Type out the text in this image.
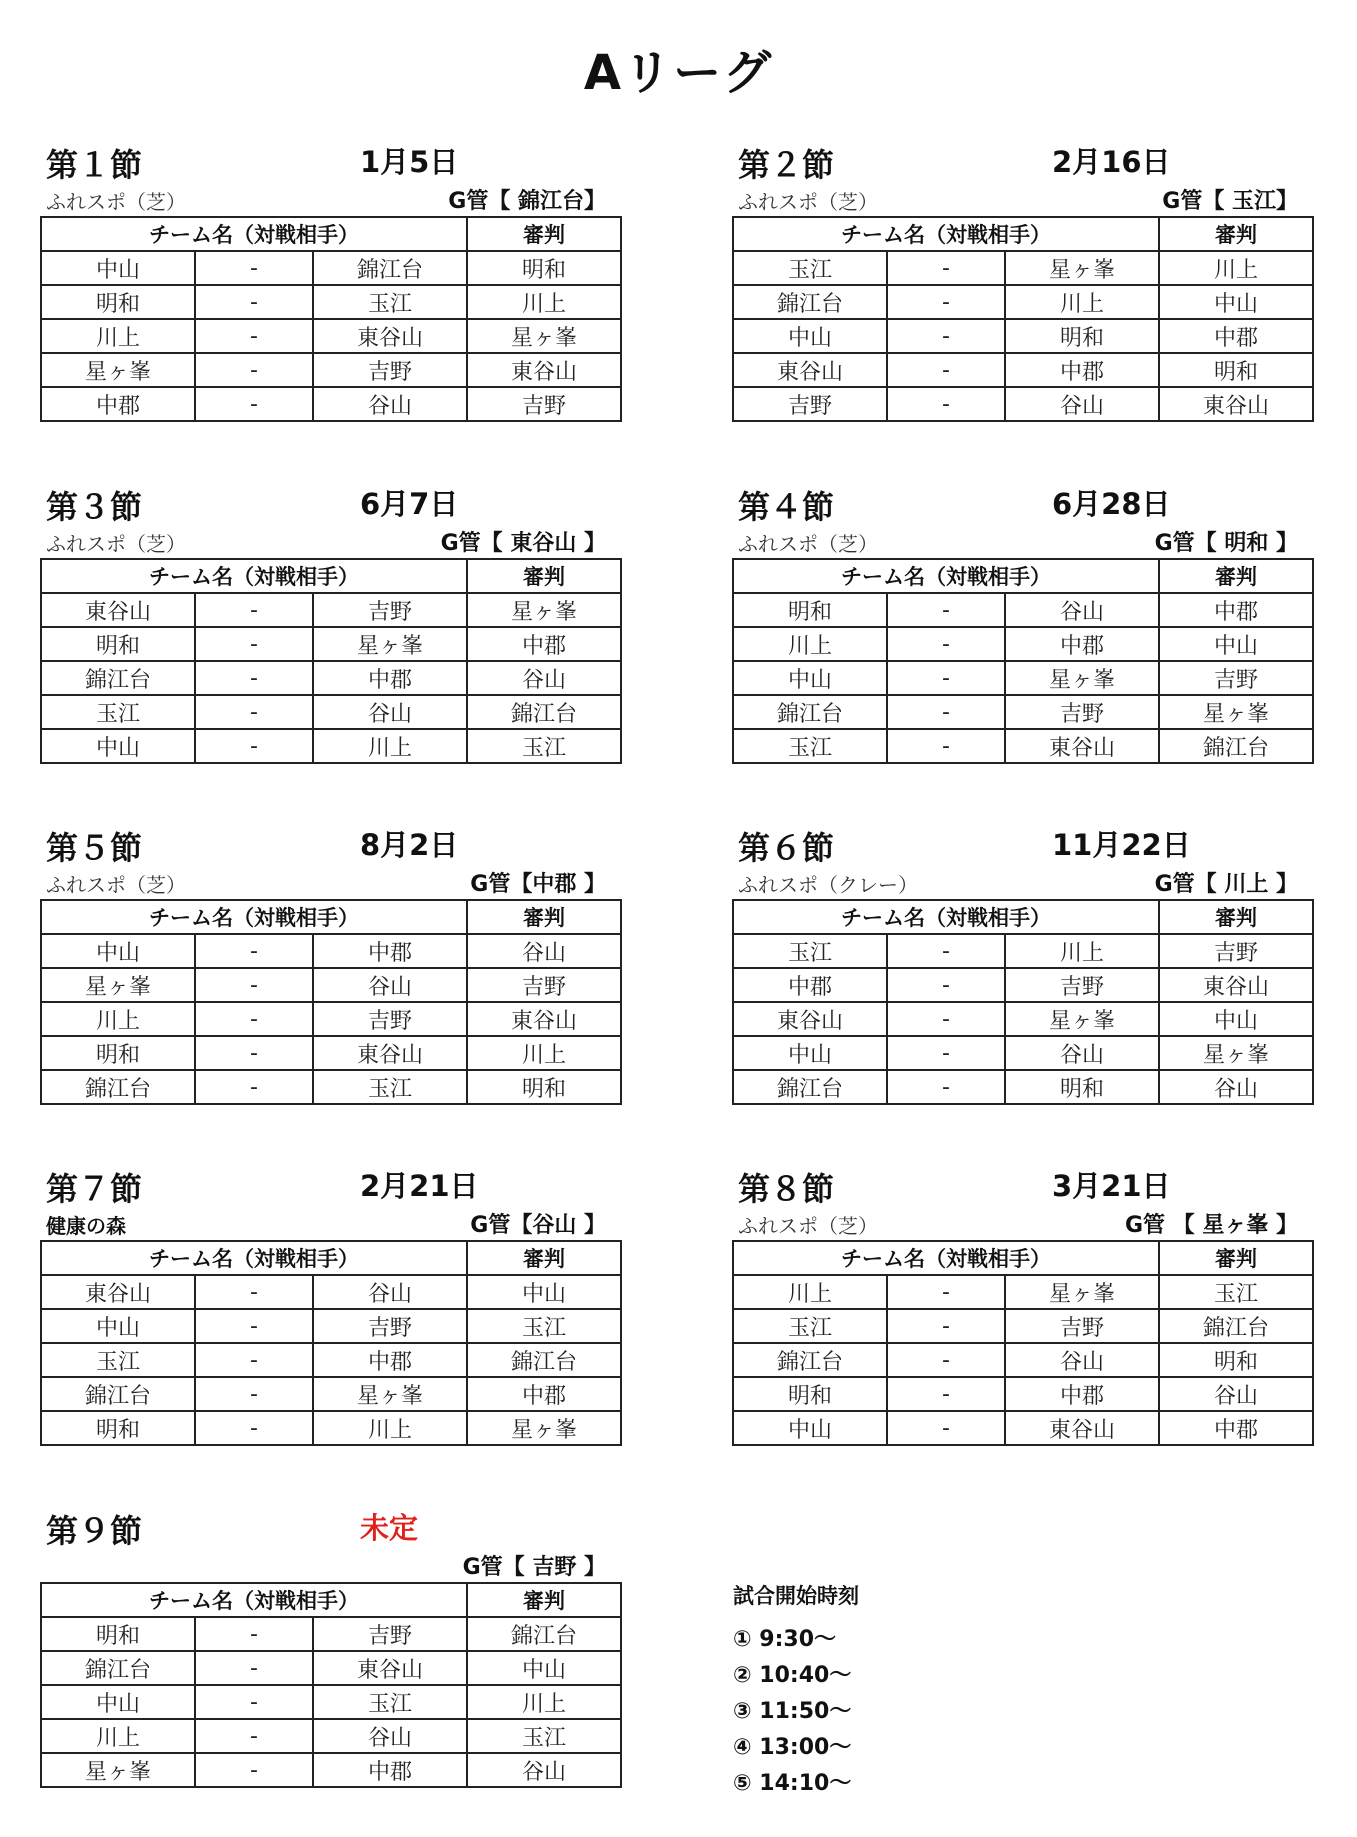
Aリーグ
第１節	1月5日
ふれスポ（芝）	G管【 錦江台】
チーム名（対戦相手）			審判
中山	-	錦江台	明和
明和	-	玉江	川上
川上	-	東谷山	星ヶ峯
星ヶ峯	-	吉野	東谷山
中郡	-	谷山	吉野
第２節	2月16日
ふれスポ（芝）	G管【 玉江】
チーム名（対戦相手）			審判
玉江	-	星ヶ峯	川上
錦江台	-	川上	中山
中山	-	明和	中郡
東谷山	-	中郡	明和
吉野	-	谷山	東谷山
第３節	6月7日
ふれスポ（芝）	G管【 東谷山 】
チーム名（対戦相手）			審判
東谷山	-	吉野	星ヶ峯
明和	-	星ヶ峯	中郡
錦江台	-	中郡	谷山
玉江	-	谷山	錦江台
中山	-	川上	玉江
第４節	6月28日
ふれスポ（芝）	G管【 明和 】
チーム名（対戦相手）			審判
明和	-	谷山	中郡
川上	-	中郡	中山
中山	-	星ヶ峯	吉野
錦江台	-	吉野	星ヶ峯
玉江	-	東谷山	錦江台
第５節	8月2日
ふれスポ（芝）	G管【中郡 】
チーム名（対戦相手）			審判
中山	-	中郡	谷山
星ヶ峯	-	谷山	吉野
川上	-	吉野	東谷山
明和	-	東谷山	川上
錦江台	-	玉江	明和
第６節	11月22日
ふれスポ（クレー）	G管【 川上 】
チーム名（対戦相手）			審判
玉江	-	川上	吉野
中郡	-	吉野	東谷山
東谷山	-	星ヶ峯	中山
中山	-	谷山	星ヶ峯
錦江台	-	明和	谷山
第７節	2月21日
健康の森	G管【谷山 】
チーム名（対戦相手）			審判
東谷山	-	谷山	中山
中山	-	吉野	玉江
玉江	-	中郡	錦江台
錦江台	-	星ヶ峯	中郡
明和	-	川上	星ヶ峯
第８節	3月21日
ふれスポ（芝）	G管 【 星ヶ峯 】
チーム名（対戦相手）			審判
川上	-	星ヶ峯	玉江
玉江	-	吉野	錦江台
錦江台	-	谷山	明和
明和	-	中郡	谷山
中山	-	東谷山	中郡
第９節	未定
G管【 吉野 】
チーム名（対戦相手）			審判
明和	-	吉野	錦江台
錦江台	-	東谷山	中山
中山	-	玉江	川上
川上	-	谷山	玉江
星ヶ峯	-	中郡	谷山
試合開始時刻
① 9:30～
② 10:40～
③ 11:50～
④ 13:00～
⑤ 14:10～
